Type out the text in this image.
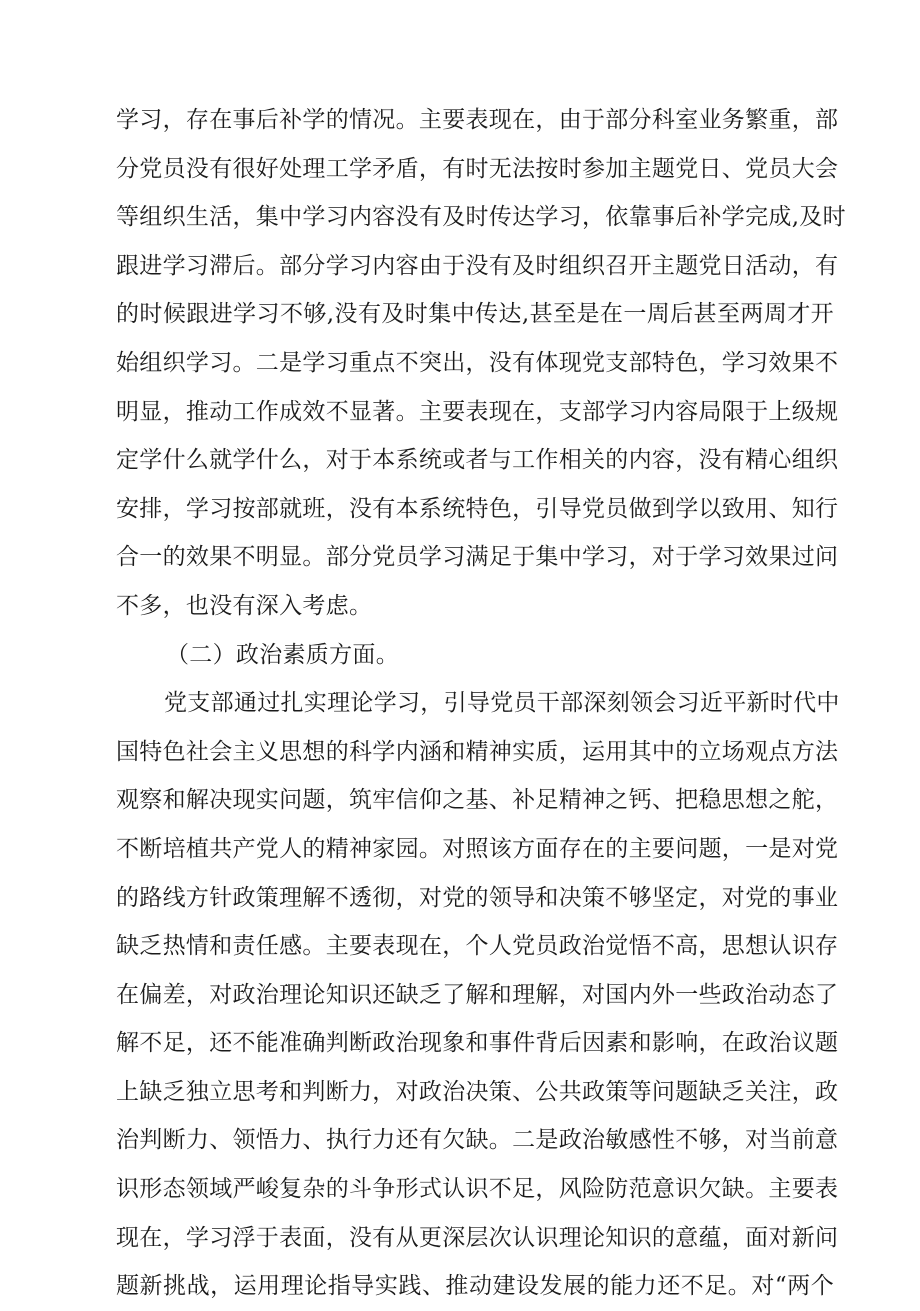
学习，存在事后补学的情况。主要表现在，由于部分科室业务繁重，部
分党员没有很好处理工学矛盾，有时无法按时参加主题党日、党员大会
等组织生活，集中学习内容没有及时传达学习，依靠事后补学完成,及时
跟进学习滞后。部分学习内容由于没有及时组织召开主题党日活动，有
的时候跟进学习不够,没有及时集中传达,甚至是在一周后甚至两周才开
始组织学习。二是学习重点不突出，没有体现党支部特色，学习效果不
明显，推动工作成效不显著。主要表现在，支部学习内容局限于上级规
定学什么就学什么，对于本系统或者与工作相关的内容，没有精心组织
安排，学习按部就班，没有本系统特色，引导党员做到学以致用、知行
合一的效果不明显。部分党员学习满足于集中学习，对于学习效果过问
不多，也没有深入考虑。
（二）政治素质方面。
党支部通过扎实理论学习，引导党员干部深刻领会习近平新时代中
国特色社会主义思想的科学内涵和精神实质，运用其中的立场观点方法
观察和解决现实问题，筑牢信仰之基、补足精神之钙、把稳思想之舵，
不断培植共产党人的精神家园。对照该方面存在的主要问题，一是对党
的路线方针政策理解不透彻，对党的领导和决策不够坚定，对党的事业
缺乏热情和责任感。主要表现在，个人党员政治觉悟不高，思想认识存
在偏差，对政治理论知识还缺乏了解和理解，对国内外一些政治动态了
解不足，还不能准确判断政治现象和事件背后因素和影响，在政治议题
上缺乏独立思考和判断力，对政治决策、公共政策等问题缺乏关注，政
治判断力、领悟力、执行力还有欠缺。二是政治敏感性不够，对当前意
识形态领域严峻复杂的斗争形式认识不足，风险防范意识欠缺。主要表
现在，学习浮于表面，没有从更深层次认识理论知识的意蕴，面对新问
题新挑战，运用理论指导实践、推动建设发展的能力还不足。对“两个
